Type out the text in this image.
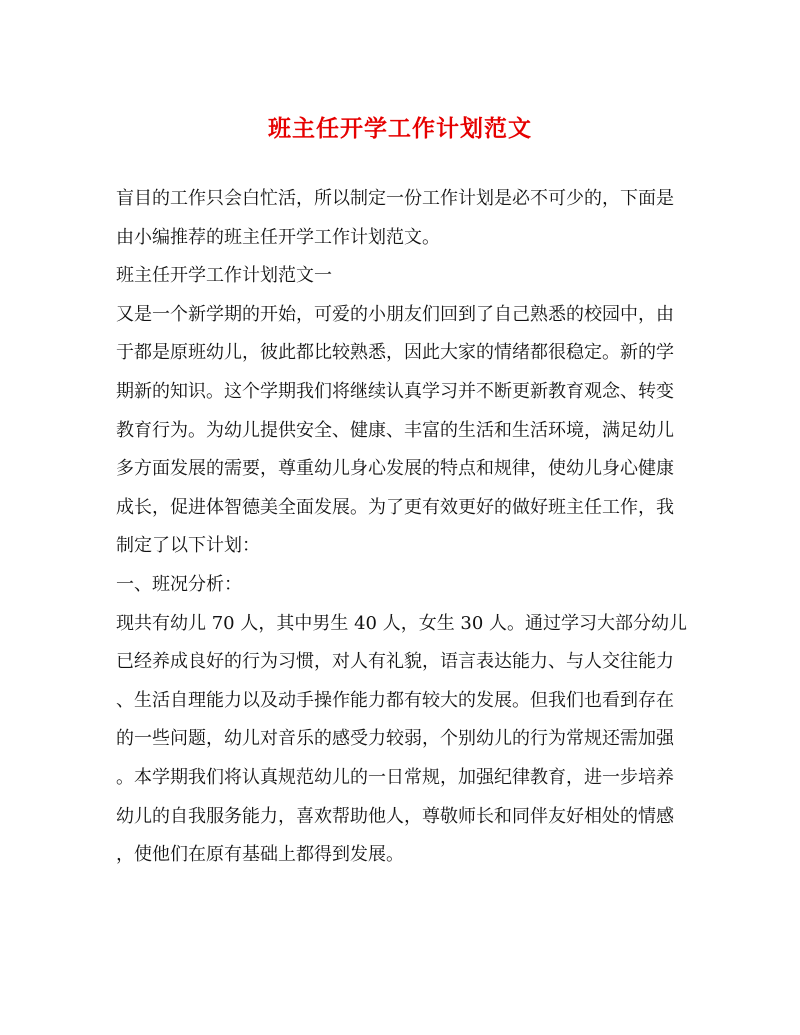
班主任开学工作计划范文
盲目的工作只会白忙活，所以制定一份工作计划是必不可少的，下面是
由小编推荐的班主任开学工作计划范文。
班主任开学工作计划范文一
又是一个新学期的开始，可爱的小朋友们回到了自己熟悉的校园中，由
于都是原班幼儿，彼此都比较熟悉，因此大家的情绪都很稳定。新的学
期新的知识。这个学期我们将继续认真学习并不断更新教育观念、转变
教育行为。为幼儿提供安全、健康、丰富的生活和生活环境，满足幼儿
多方面发展的需要，尊重幼儿身心发展的特点和规律，使幼儿身心健康
成长，促进体智德美全面发展。为了更有效更好的做好班主任工作，我
制定了以下计划：
一、班况分析：
现共有幼儿 70 人，其中男生 40 人，女生 30 人。通过学习大部分幼儿
已经养成良好的行为习惯，对人有礼貌，语言表达能力、与人交往能力
、生活自理能力以及动手操作能力都有较大的发展。但我们也看到存在
的一些问题，幼儿对音乐的感受力较弱，个别幼儿的行为常规还需加强
。本学期我们将认真规范幼儿的一日常规，加强纪律教育，进一步培养
幼儿的自我服务能力，喜欢帮助他人，尊敬师长和同伴友好相处的情感
，使他们在原有基础上都得到发展。
